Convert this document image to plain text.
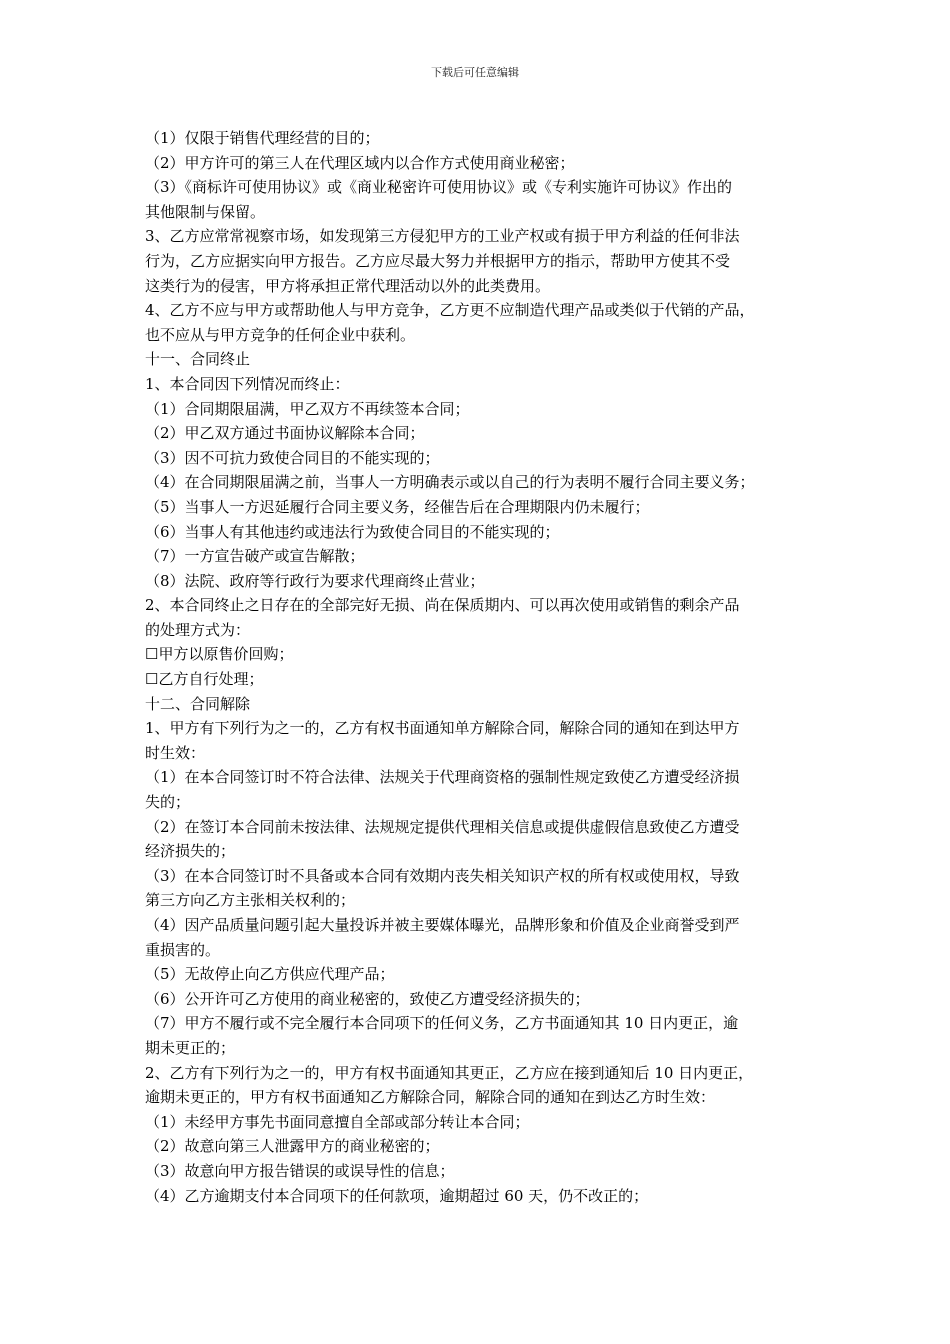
下载后可任意编辑
（1）仅限于销售代理经营的目的；
（2）甲方许可的第三人在代理区域内以合作方式使用商业秘密；
（3）《商标许可使用协议》或《商业秘密许可使用协议》或《专利实施许可协议》作出的
其他限制与保留。
3、乙方应常常视察市场，如发现第三方侵犯甲方的工业产权或有损于甲方利益的任何非法
行为，乙方应据实向甲方报告。乙方应尽最大努力并根据甲方的指示，帮助甲方使其不受
这类行为的侵害，甲方将承担正常代理活动以外的此类费用。
4、乙方不应与甲方或帮助他人与甲方竞争，乙方更不应制造代理产品或类似于代销的产品，
也不应从与甲方竞争的任何企业中获利。
十一、合同终止
1、本合同因下列情况而终止：
（1）合同期限届满，甲乙双方不再续签本合同；
（2）甲乙双方通过书面协议解除本合同；
（3）因不可抗力致使合同目的不能实现的；
（4）在合同期限届满之前，当事人一方明确表示或以自己的行为表明不履行合同主要义务；
（5）当事人一方迟延履行合同主要义务，经催告后在合理期限内仍未履行；
（6）当事人有其他违约或违法行为致使合同目的不能实现的；
（7）一方宣告破产或宣告解散；
（8）法院、政府等行政行为要求代理商终止营业；
2、本合同终止之日存在的全部完好无损、尚在保质期内、可以再次使用或销售的剩余产品
的处理方式为：
☐甲方以原售价回购；
☐乙方自行处理；
十二、合同解除
1、甲方有下列行为之一的，乙方有权书面通知单方解除合同，解除合同的通知在到达甲方
时生效：
（1）在本合同签订时不符合法律、法规关于代理商资格的强制性规定致使乙方遭受经济损
失的；
（2）在签订本合同前未按法律、法规规定提供代理相关信息或提供虚假信息致使乙方遭受
经济损失的；
（3）在本合同签订时不具备或本合同有效期内丧失相关知识产权的所有权或使用权，导致
第三方向乙方主张相关权利的；
（4）因产品质量问题引起大量投诉并被主要媒体曝光，品牌形象和价值及企业商誉受到严
重损害的。
（5）无故停止向乙方供应代理产品；
（6）公开许可乙方使用的商业秘密的，致使乙方遭受经济损失的；
（7）甲方不履行或不完全履行本合同项下的任何义务，乙方书面通知其 10 日内更正，逾
期未更正的；
2、乙方有下列行为之一的，甲方有权书面通知其更正，乙方应在接到通知后 10 日内更正，
逾期未更正的，甲方有权书面通知乙方解除合同，解除合同的通知在到达乙方时生效：
（1）未经甲方事先书面同意擅自全部或部分转让本合同；
（2）故意向第三人泄露甲方的商业秘密的；
（3）故意向甲方报告错误的或误导性的信息；
（4）乙方逾期支付本合同项下的任何款项，逾期超过 60 天，仍不改正的；
